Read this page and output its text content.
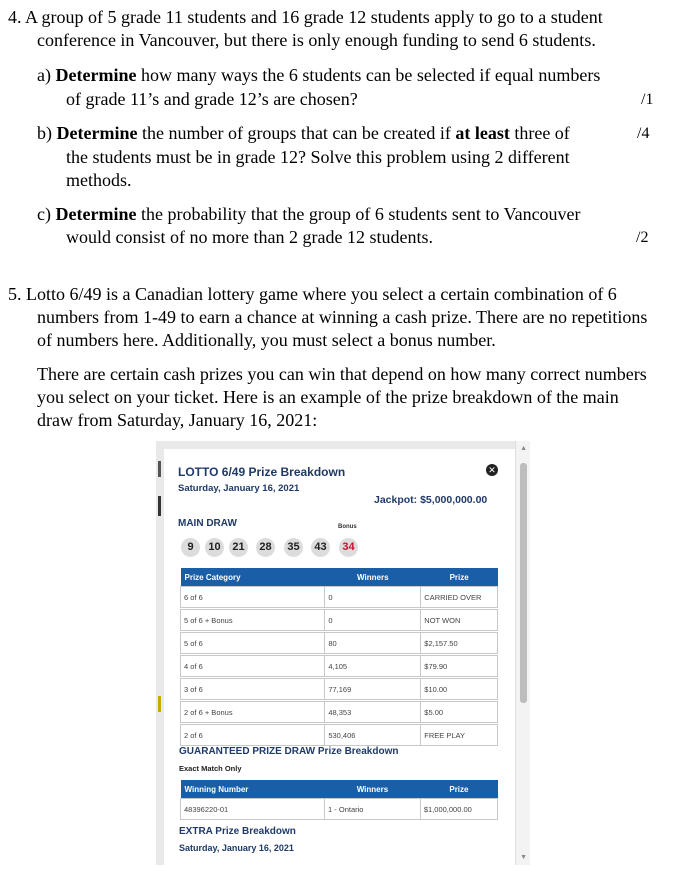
4. A group of 5 grade 11 students and 16 grade 12 students apply to go to a student
conference in Vancouver, but there is only enough funding to send 6 students.
a) Determine how many ways the 6 students can be selected if equal numbers
of grade 11’s and grade 12’s are chosen?	/1
b) Determine the number of groups that can be created if at least three of	/4
the students must be in grade 12? Solve this problem using 2 different
methods.
c) Determine the probability that the group of 6 students sent to Vancouver
would consist of no more than 2 grade 12 students.	/2
5. Lotto 6/49 is a Canadian lottery game where you select a certain combination of 6
numbers from 1-49 to earn a chance at winning a cash prize. There are no repetitions
of numbers here. Additionally, you must select a bonus number.
There are certain cash prizes you can win that depend on how many correct numbers
you select on your ticket. Here is an example of the prize breakdown of the main
draw from Saturday, January 16, 2021:
LOTTO 6/49 Prize Breakdown
Saturday, January 16, 2021
✕
Jackpot: $5,000,000.00
MAIN DRAW	Bonus
9	10	21	28	35	43	34
Prize Category	Winners	Prize
6 of 6	0	CARRIED OVER

5 of 6 + Bonus	0	NOT WON

5 of 6	80	$2,157.50

4 of 6	4,105	$79.90

3 of 6	77,169	$10.00

2 of 6 + Bonus	48,353	$5.00

2 of 6	530,406	FREE PLAY
GUARANTEED PRIZE DRAW Prize Breakdown
Exact Match Only
Winning Number	Winners	Prize
48396220-01	1 - Ontario	$1,000,000.00
EXTRA Prize Breakdown
Saturday, January 16, 2021
▲
▼
